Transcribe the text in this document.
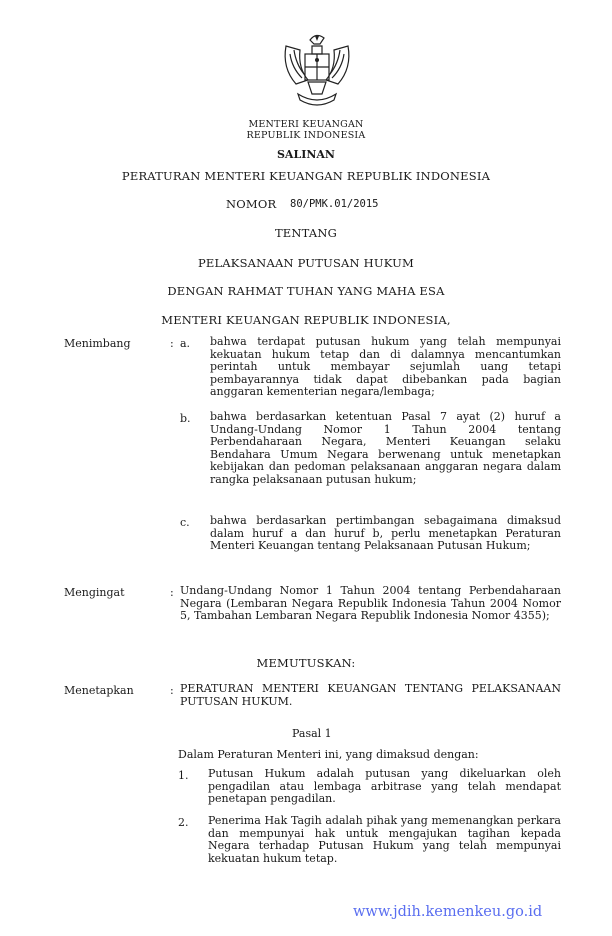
MENTERI KEUANGAN
REPUBLIK INDONESIA
SALINAN
PERATURAN MENTERI KEUANGAN REPUBLIK INDONESIA
NOMOR 80/PMK.01/2015
TENTANG
PELAKSANAAN PUTUSAN HUKUM
DENGAN RAHMAT TUHAN YANG MAHA ESA
MENTERI KEUANGAN REPUBLIK INDONESIA,
Menimbang	: a. bahwa terdapat putusan hukum yang telah mempunyai kekuatan hukum tetap dan di dalamnya mencantumkan perintah untuk membayar sejumlah uang tetapi pembayarannya tidak dapat dibebankan pada bagian anggaran kementerian negara/lembaga;
b. bahwa berdasarkan ketentuan Pasal 7 ayat (2) huruf a Undang-Undang Nomor 1 Tahun 2004 tentang Perbendaharaan Negara, Menteri Keuangan selaku Bendahara Umum Negara berwenang untuk menetapkan kebijakan dan pedoman pelaksanaan anggaran negara dalam rangka pelaksanaan putusan hukum;
c. bahwa berdasarkan pertimbangan sebagaimana dimaksud dalam huruf a dan huruf b, perlu menetapkan Peraturan Menteri Keuangan tentang Pelaksanaan Putusan Hukum;
Mengingat	: Undang-Undang Nomor 1 Tahun 2004 tentang Perbendaharaan Negara (Lembaran Negara Republik Indonesia Tahun 2004 Nomor 5, Tambahan Lembaran Negara Republik Indonesia Nomor 4355);
MEMUTUSKAN:
Menetapkan	: PERATURAN MENTERI KEUANGAN TENTANG PELAKSANAAN PUTUSAN HUKUM.
Pasal 1
Dalam Peraturan Menteri ini, yang dimaksud dengan:
1. Putusan Hukum adalah putusan yang dikeluarkan oleh pengadilan atau lembaga arbitrase yang telah mendapat penetapan pengadilan.
2. Penerima Hak Tagih adalah pihak yang memenangkan perkara dan mempunyai hak untuk mengajukan tagihan kepada Negara terhadap Putusan Hukum yang telah mempunyai kekuatan hukum tetap.
www.jdih.kemenkeu.go.id
